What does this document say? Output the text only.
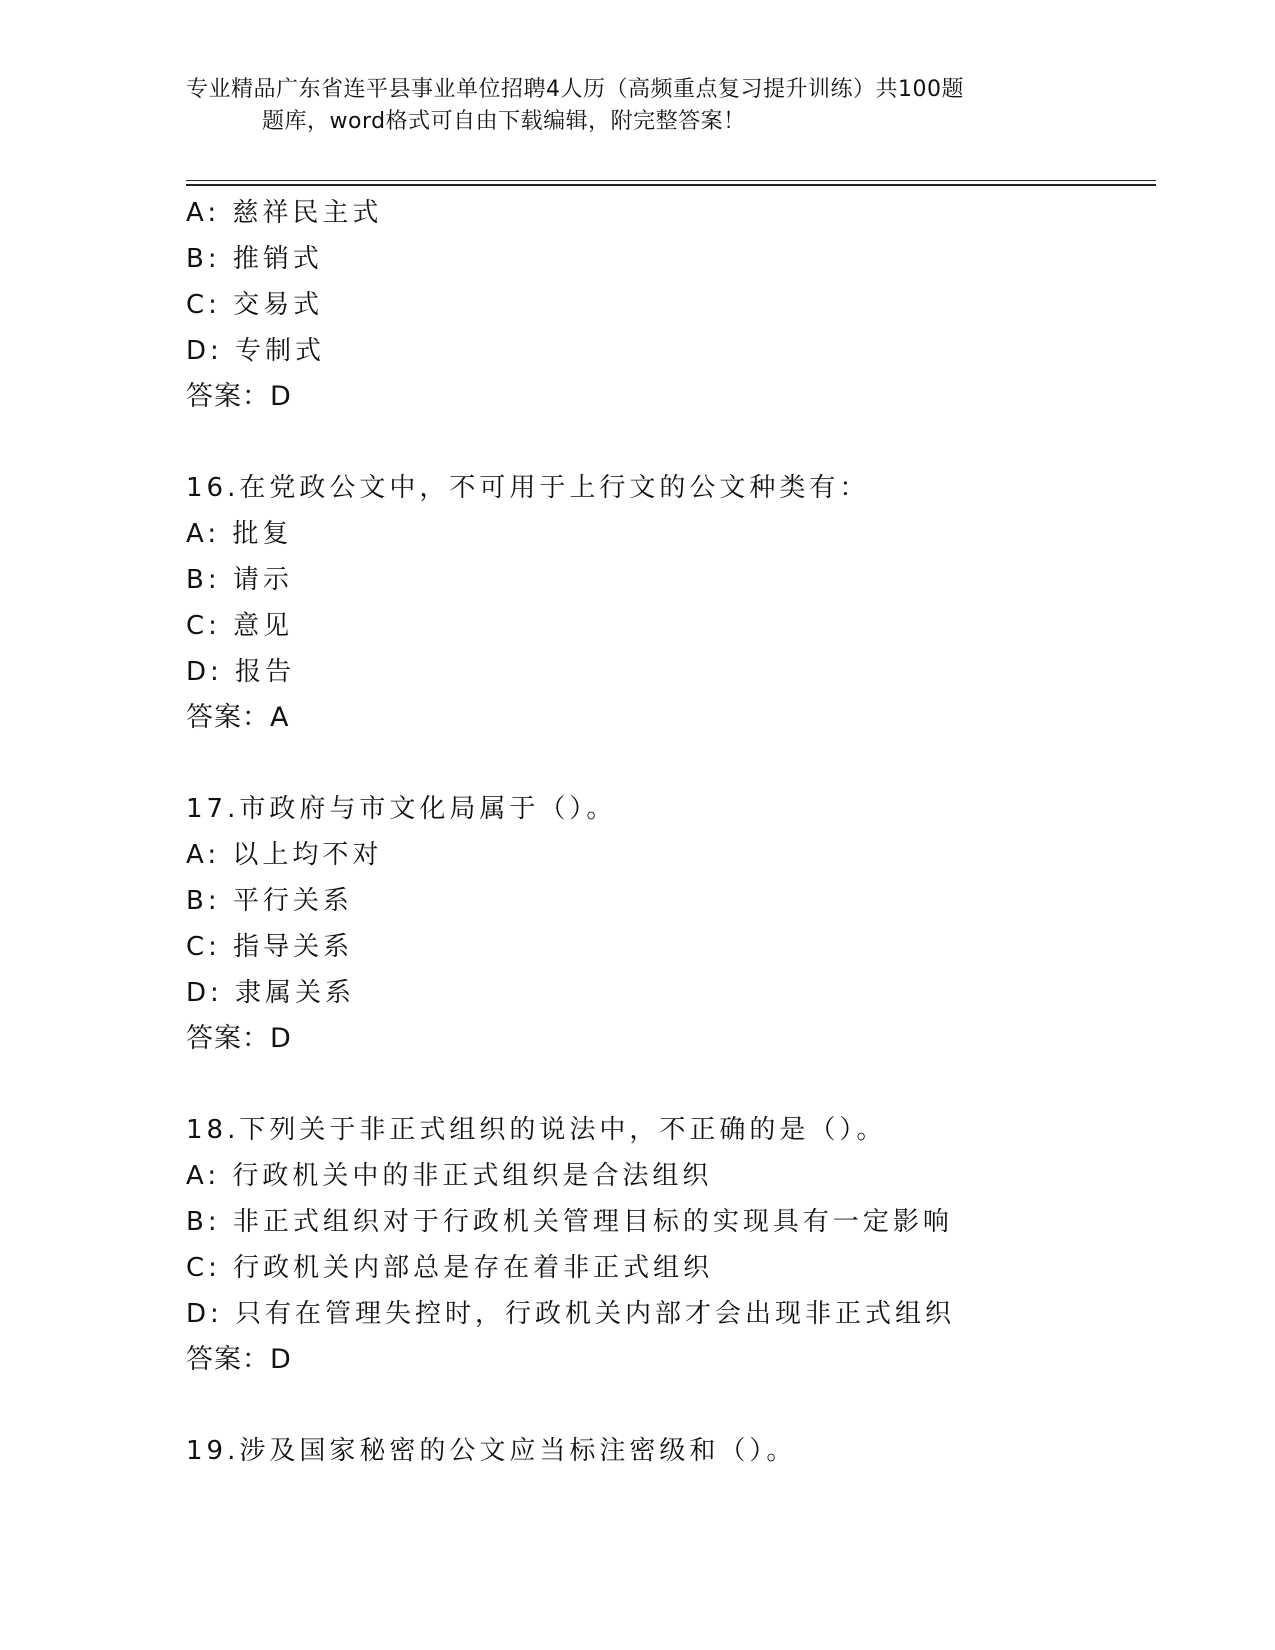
专业精品广东省连平县事业单位招聘4人历（高频重点复习提升训练）共100题
题库，word格式可自由下载编辑，附完整答案！
A: 慈祥民主式
B: 推销式
C: 交易式
D: 专制式
答案：D
16.在党政公文中，不可用于上行文的公文种类有：
A: 批复
B: 请示
C: 意见
D: 报告
答案：A
17.市政府与市文化局属于（）。
A: 以上均不对
B: 平行关系
C: 指导关系
D: 隶属关系
答案：D
18.下列关于非正式组织的说法中，不正确的是（）。
A: 行政机关中的非正式组织是合法组织
B: 非正式组织对于行政机关管理目标的实现具有一定影响
C: 行政机关内部总是存在着非正式组织
D: 只有在管理失控时，行政机关内部才会出现非正式组织
答案：D
19.涉及国家秘密的公文应当标注密级和（）。
